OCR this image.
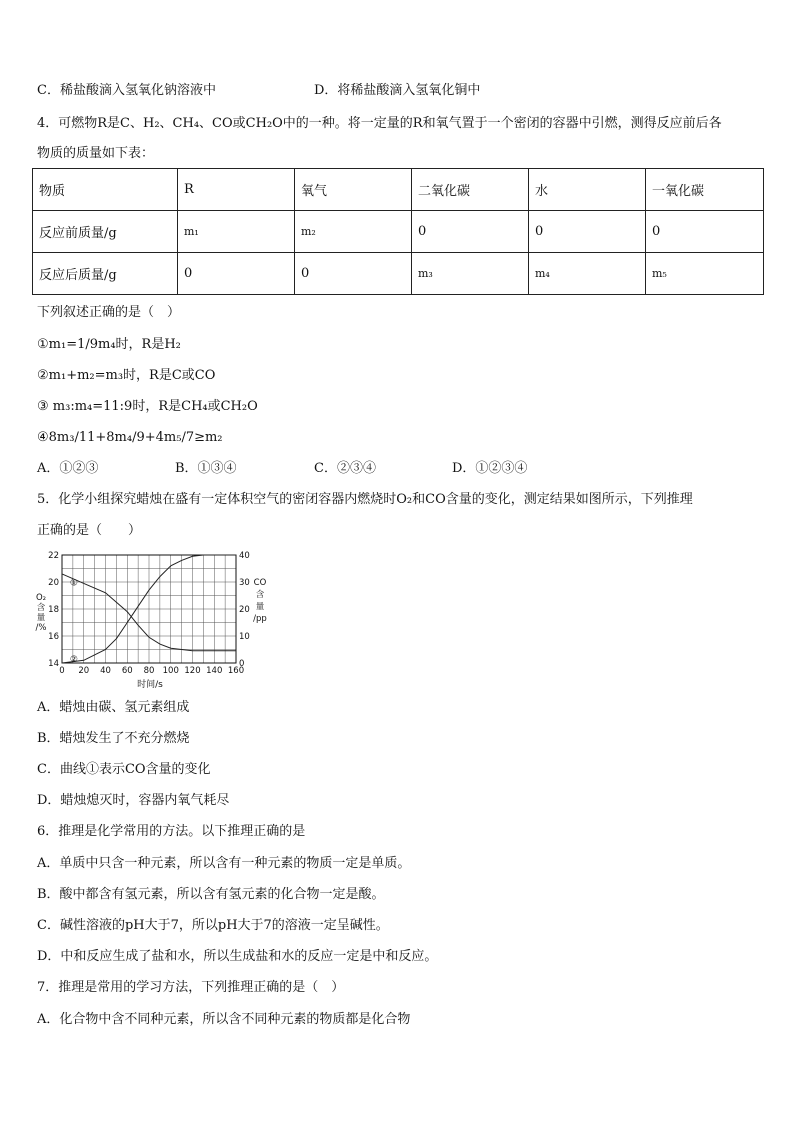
C．稀盐酸滴入氢氧化钠溶液中	D．将稀盐酸滴入氢氧化铜中
4．可燃物R是C、H₂、CH₄、CO或CH₂O中的一种。将一定量的R和氧气置于一个密闭的容器中引燃，测得反应前后各
物质的质量如下表：
物质	R	氧气	二氧化碳	水	一氧化碳
反应前质量/g	m₁	m₂	0	0	0
反应后质量/g	0	0	m₃	m₄	m₅
下列叙述正确的是（　）
①m₁=1/9m₄时，R是H₂
②m₁+m₂=m₃时，R是C或CO
③ m₃:m₄=11:9时，R是CH₄或CH₂O
④8m₃/11+8m₄/9+4m₅/7≥m₂
A．①②③	B．①③④	C．②③④	D．①②③④
5．化学小组探究蜡烛在盛有一定体积空气的密闭容器内燃烧时O₂和CO含量的变化，测定结果如图所示，下列推理
正确的是（　　）
0 20 40 60 80 100 120 140 160
14
16
18
20
22
0
10
20
30
40
①
②
O₂
含
量
/%
CO
含
量
/pp
时间/s
A．蜡烛由碳、氢元素组成
B．蜡烛发生了不充分燃烧
C．曲线①表示CO含量的变化
D．蜡烛熄灭时，容器内氧气耗尽
6．推理是化学常用的方法。以下推理正确的是
A．单质中只含一种元素，所以含有一种元素的物质一定是单质。
B．酸中都含有氢元素，所以含有氢元素的化合物一定是酸。
C．碱性溶液的pH大于7，所以pH大于7的溶液一定呈碱性。
D．中和反应生成了盐和水，所以生成盐和水的反应一定是中和反应。
7．推理是常用的学习方法，下列推理正确的是（　）
A．化合物中含不同种元素，所以含不同种元素的物质都是化合物
